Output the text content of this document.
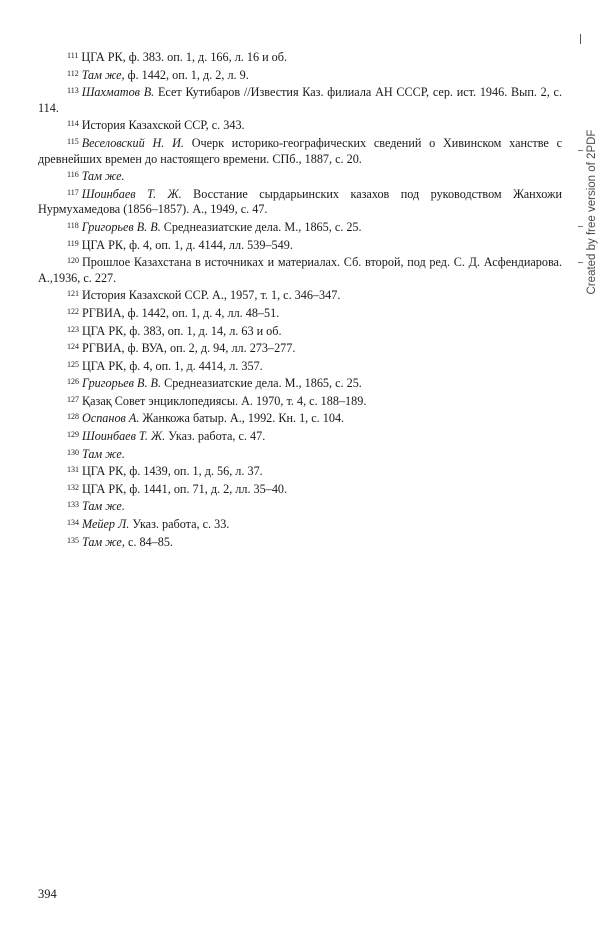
Created by free version of 2PDF

$^{111}$ ЦГА РК, ф. 383. оп. 1, д. 166, л. 16 и об.

$^{112}$ Там же, ф. 1442, оп. 1, д. 2, л. 9.

$^{113}$ Шахматов В. Есет Кутибаров //Известия Каз. филиала АН СССР, сер. ист. 1946. Вып. 2, с. 114.

$^{114}$ История Казахской ССР, с. 343.

$^{115}$ Веселовский Н. И. Очерк историко-географических сведений о Хивинском ханстве с древнейших времен до настоящего времени. СПб., 1887, с. 20.

$^{116}$ Там же.

$^{117}$ Шоинбаев Т. Ж. Восстание сырдарьинских казахов под руководством Жанхожи Нурмухамедова (1856–1857). А., 1949, с. 47.

$^{118}$ Григорьев В. В. Среднеазиатские дела. М., 1865, с. 25.

$^{119}$ ЦГА РК, ф. 4, оп. 1, д. 4144, лл. 539–549.

$^{120}$ Прошлое Казахстана в источниках и материалах. Сб. второй, под ред. С. Д. Асфендиарова. А.,1936, с. 227.

$^{121}$ История Казахской ССР. А., 1957, т. 1, с. 346–347.

$^{122}$ РГВИА, ф. 1442, оп. 1, д. 4, лл. 48–51.

$^{123}$ ЦГА РК, ф. 383, оп. 1, д. 14, л. 63 и об.

$^{124}$ РГВИА, ф. ВУА, оп. 2, д. 94, лл. 273–277.

$^{125}$ ЦГА РК, ф. 4, оп. 1, д. 4414, л. 357.

$^{126}$ Григорьев В. В. Среднеазиатские дела. М., 1865, с. 25.

$^{127}$ Қазақ Совет энциклопедиясы. А. 1970, т. 4, с. 188–189.

$^{128}$ Оспанов А. Жанкожа батыр. А., 1992. Кн. 1, с. 104.

$^{129}$ Шоинбаев Т. Ж. Указ. работа, с. 47.

$^{130}$ Там же.

$^{131}$ ЦГА РК, ф. 1439, оп. 1, д. 56, л. 37.

$^{132}$ ЦГА РК, ф. 1441, оп. 71, д. 2, лл. 35–40.

$^{133}$ Там же.

$^{134}$ Мейер Л. Указ. работа, с. 33.

$^{135}$ Там же, с. 84–85.

394
